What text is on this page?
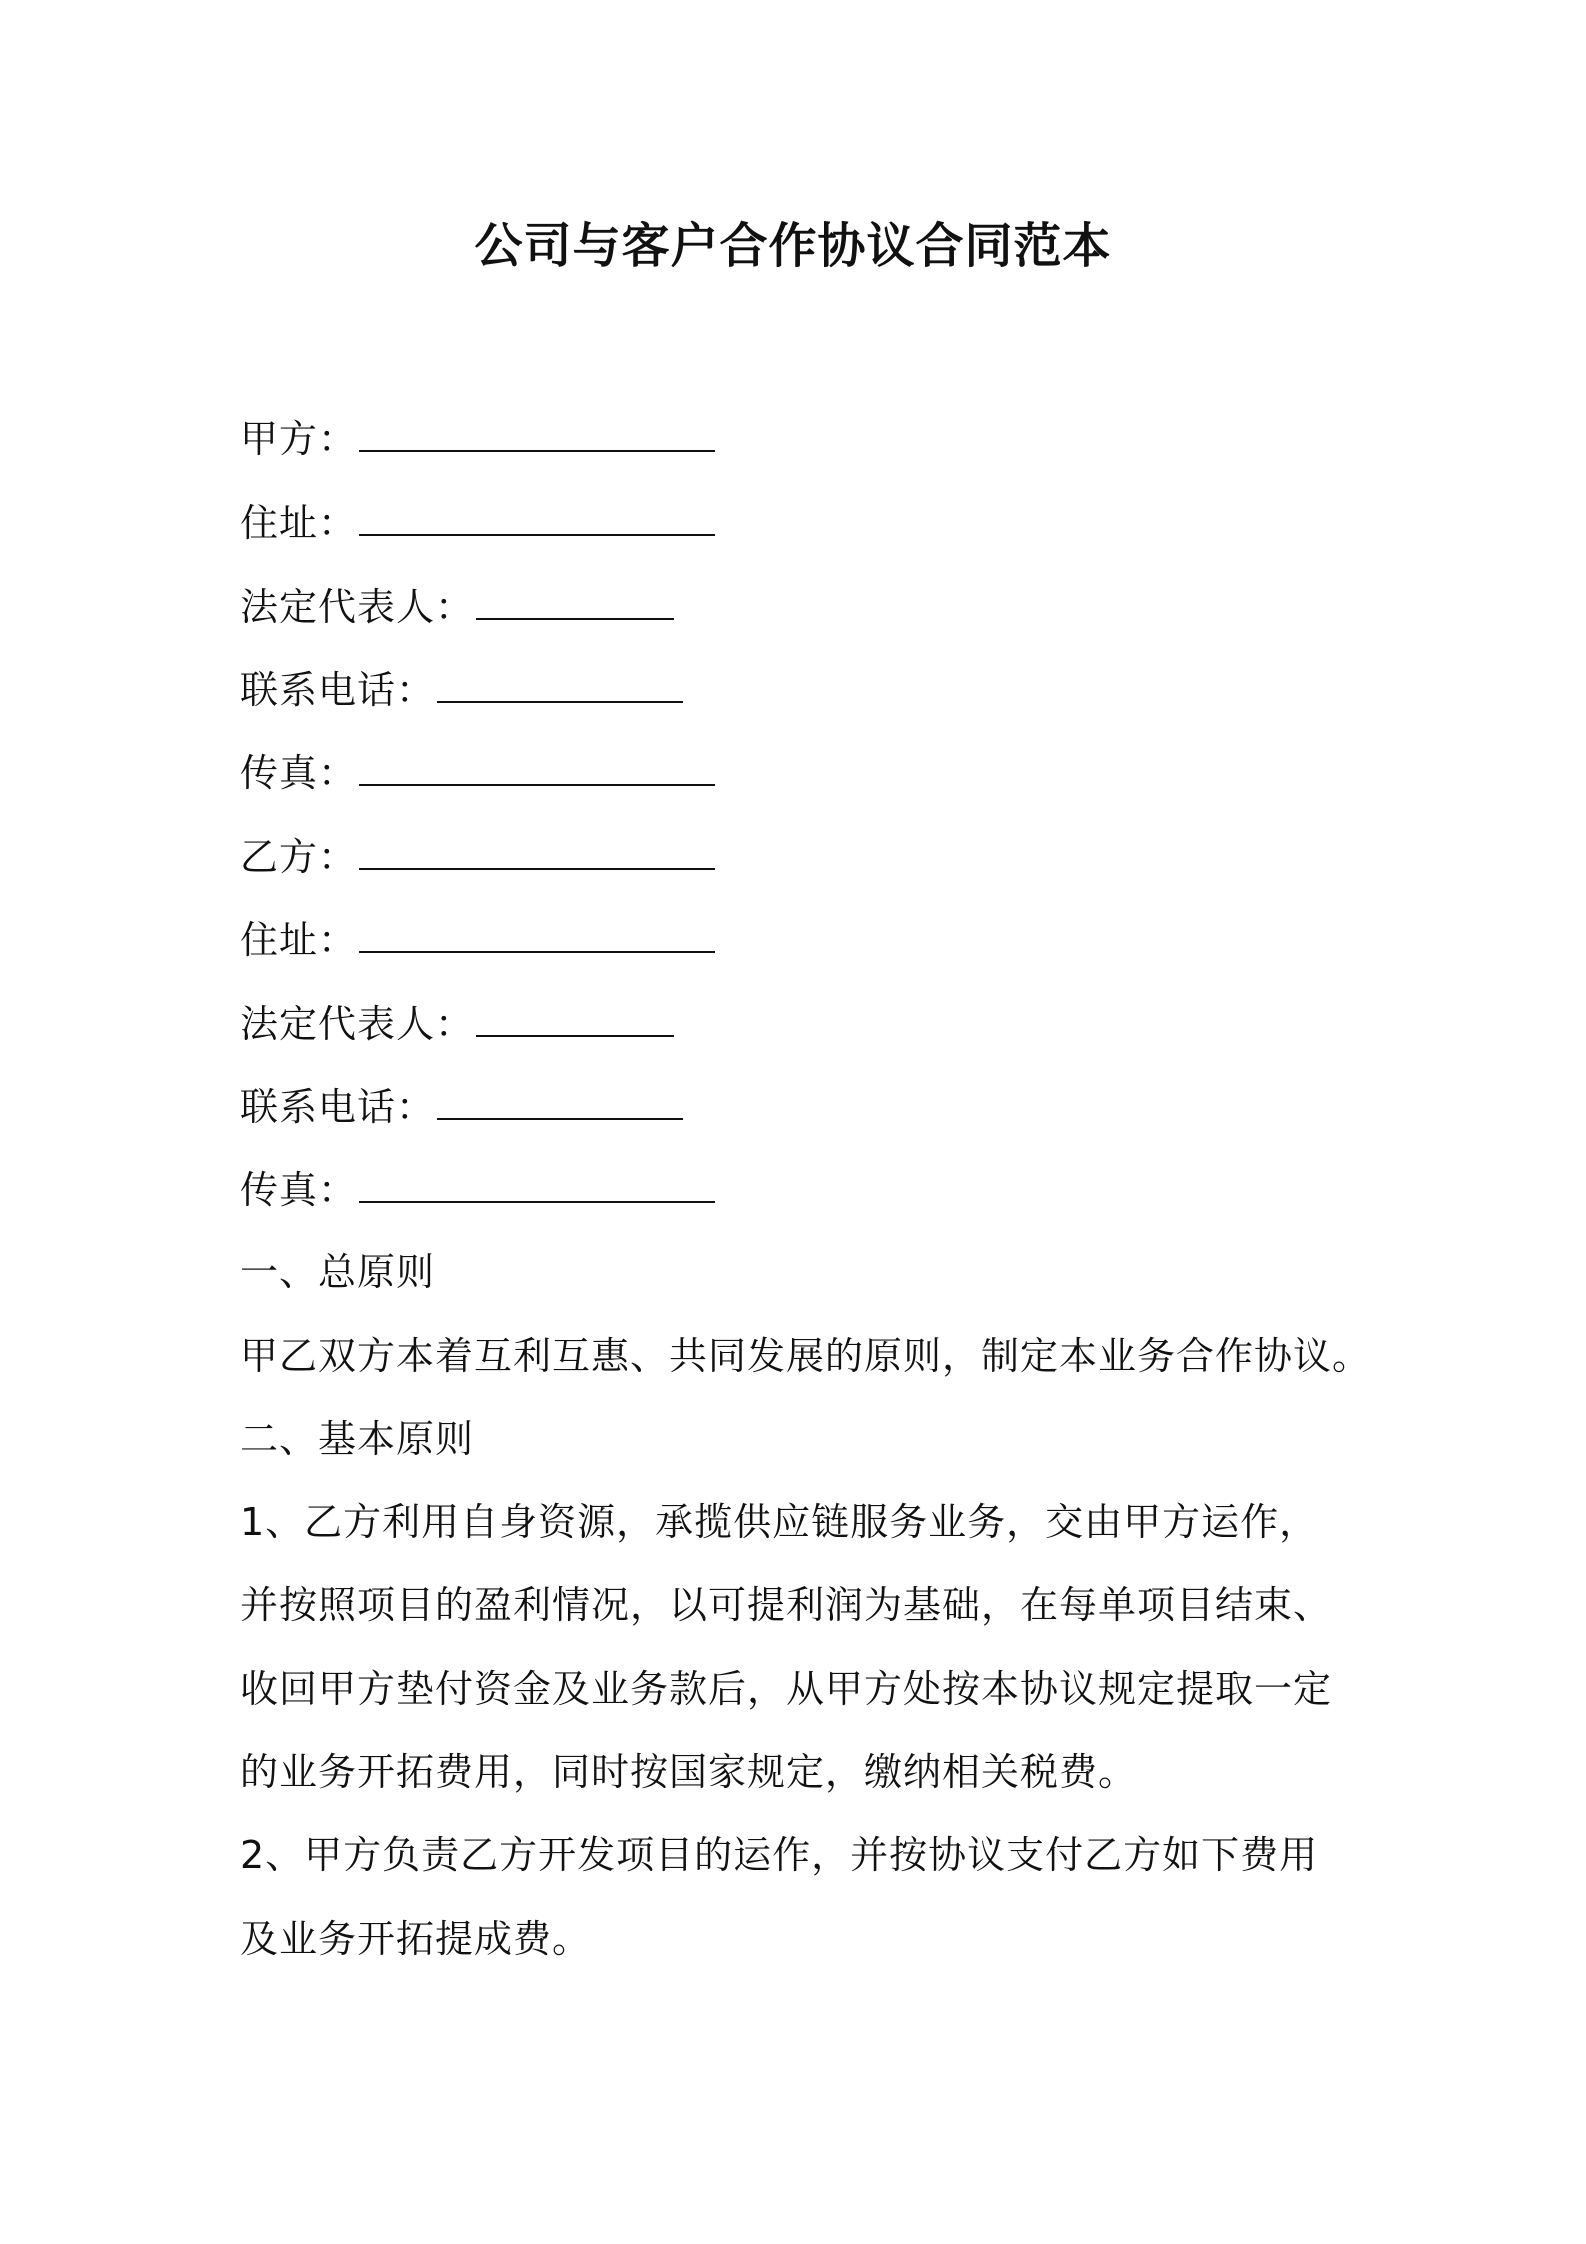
公司与客户合作协议合同范本
甲方：
住址：
法定代表人：
联系电话：
传真：
乙方：
住址：
法定代表人：
联系电话：
传真：
一、总原则
甲乙双方本着互利互惠、共同发展的原则，制定本业务合作协议。
二、基本原则
1、乙方利用自身资源，承揽供应链服务业务，交由甲方运作，
并按照项目的盈利情况，以可提利润为基础，在每单项目结束、
收回甲方垫付资金及业务款后，从甲方处按本协议规定提取一定
的业务开拓费用，同时按国家规定，缴纳相关税费。
2、甲方负责乙方开发项目的运作，并按协议支付乙方如下费用
及业务开拓提成费。
